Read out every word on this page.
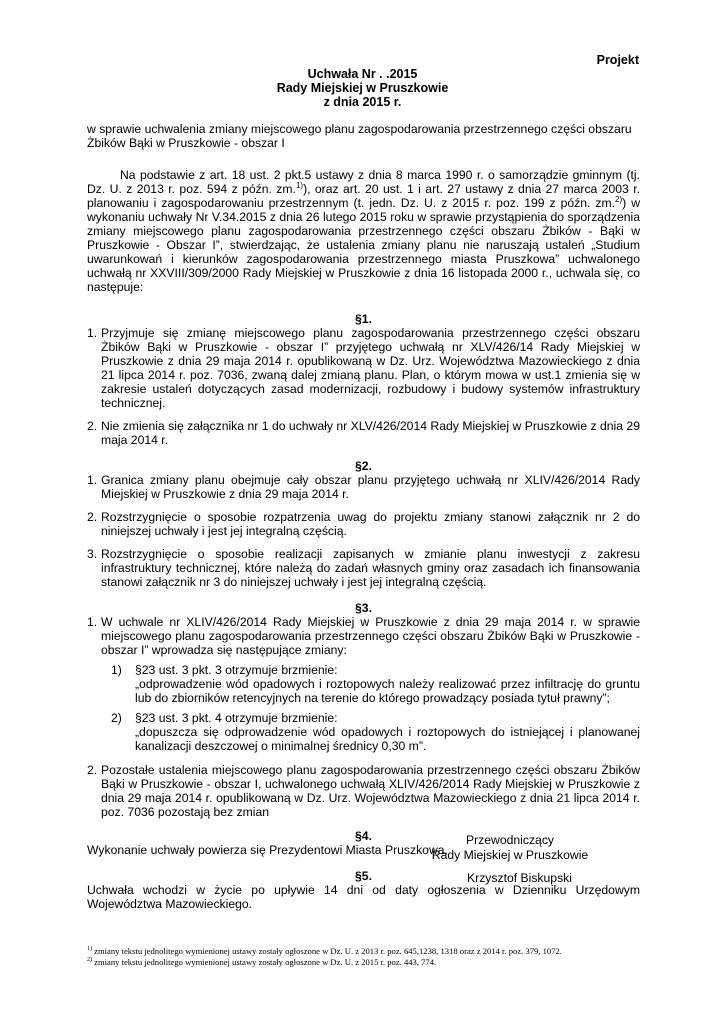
Projekt
Uchwała Nr . .2015
Rady Miejskiej w Pruszkowie
z dnia 2015 r.

w sprawie uchwalenia zmiany miejscowego planu zagospodarowania przestrzennego części obszaru Żbików Bąki w Pruszkowie - obszar I

Na podstawie z art. 18 ust. 2 pkt.5 ustawy z dnia 8 marca 1990 r. o samorządzie gminnym (tj. Dz. U. z 2013 r. poz. 594 z późn. zm.$^{1)}$), oraz art. 20 ust. 1 i art. 27 ustawy z dnia 27 marca 2003 r. planowaniu i zagospodarowaniu przestrzennym (t. jedn. Dz. U. z 2015 r. poz. 199 z późn. zm.$^{2)}$) w wykonaniu uchwały Nr V.34.2015 z dnia 26 lutego 2015 roku w sprawie przystąpienia do sporządzenia zmiany miejscowego planu zagospodarowania przestrzennego części obszaru Żbików - Bąki w Pruszkowie - Obszar I”, stwierdzając, że ustalenia zmiany planu nie naruszają ustaleń „Studium uwarunkowań i kierunków zagospodarowania przestrzennego miasta Pruszkowa” uchwalonego uchwałą nr XXVIII/309/2000 Rady Miejskiej w Pruszkowie z dnia 16 listopada 2000 r., uchwala się, co następuje:

§1.

1. Przyjmuje się zmianę miejscowego planu zagospodarowania przestrzennego części obszaru Żbików Bąki w Pruszkowie - obszar I” przyjętego uchwałą nr XLV/426/14 Rady Miejskiej w Pruszkowie z dnia 29 maja 2014 r. opublikowaną w Dz. Urz. Województwa Mazowieckiego z dnia 21 lipca 2014 r. poz. 7036, zwaną dalej zmianą planu. Plan, o którym mowa w ust.1 zmienia się w zakresie ustaleń dotyczących zasad modernizacji, rozbudowy i budowy systemów infrastruktury technicznej.
2. Nie zmienia się załącznika nr 1 do uchwały nr XLV/426/2014 Rady Miejskiej w Pruszkowie z dnia 29 maja 2014 r.

§2.

1. Granica zmiany planu obejmuje cały obszar planu przyjętego uchwałą nr XLIV/426/2014 Rady Miejskiej w Pruszkowie z dnia 29 maja 2014 r.
2. Rozstrzygnięcie o sposobie rozpatrzenia uwag do projektu zmiany stanowi załącznik nr 2 do niniejszej uchwały i jest jej integralną częścią.
3. Rozstrzygnięcie o sposobie realizacji zapisanych w zmianie planu inwestycji z zakresu infrastruktury technicznej, które należą do zadań własnych gminy oraz zasadach ich finansowania stanowi załącznik nr 3 do niniejszej uchwały i jest jej integralną częścią.

§3.

1. W uchwale nr XLIV/426/2014 Rady Miejskiej w Pruszkowie z dnia 29 maja 2014 r. w sprawie miejscowego planu zagospodarowania przestrzennego części obszaru Żbików Bąki w Pruszkowie - obszar I” wprowadza się następujące zmiany:
1)	§23 ust. 3 pkt. 3 otrzymuje brzmienie:
„odprowadzenie wód opadowych i roztopowych należy realizować przez infiltrację do gruntu lub do zbiorników retencyjnych na terenie do którego prowadzący posiada tytuł prawny”;
2)	§23 ust. 3 pkt. 4 otrzymuje brzmienie:
„dopuszcza się odprowadzenie wód opadowych i roztopowych do istniejącej i planowanej kanalizacji deszczowej o minimalnej średnicy 0,30 m”.
2. Pozostałe ustalenia miejscowego planu zagospodarowania przestrzennego części obszaru Żbików Bąki w Pruszkowie - obszar I, uchwalonego uchwałą XLIV/426/2014 Rady Miejskiej w Pruszkowie z dnia 29 maja 2014 r. opublikowaną w Dz. Urz. Województwa Mazowieckiego z dnia 21 lipca 2014 r. poz. 7036 pozostają bez zmian

§4.

Wykonanie uchwały powierza się Prezydentowi Miasta Pruszkowa.

§5.

Uchwała wchodzi w życie po upływie 14 dni od daty ogłoszenia w Dzienniku Urzędowym Województwa Mazowieckiego.

Przewodniczący
Rady Miejskiej w Pruszkowie
Krzysztof Biskupski
$^{1)}$ zmiany tekstu jednolitego wymienionej ustawy zostały ogłoszone w Dz. U. z 2013 r. poz. 645,1238, 1318 oraz z 2014 r. poz. 379, 1072.
$^{2)}$ zmiany tekstu jednolitego wymienionej ustawy zostały ogłoszone w Dz. U. z 2015 r. poz. 443, 774.
